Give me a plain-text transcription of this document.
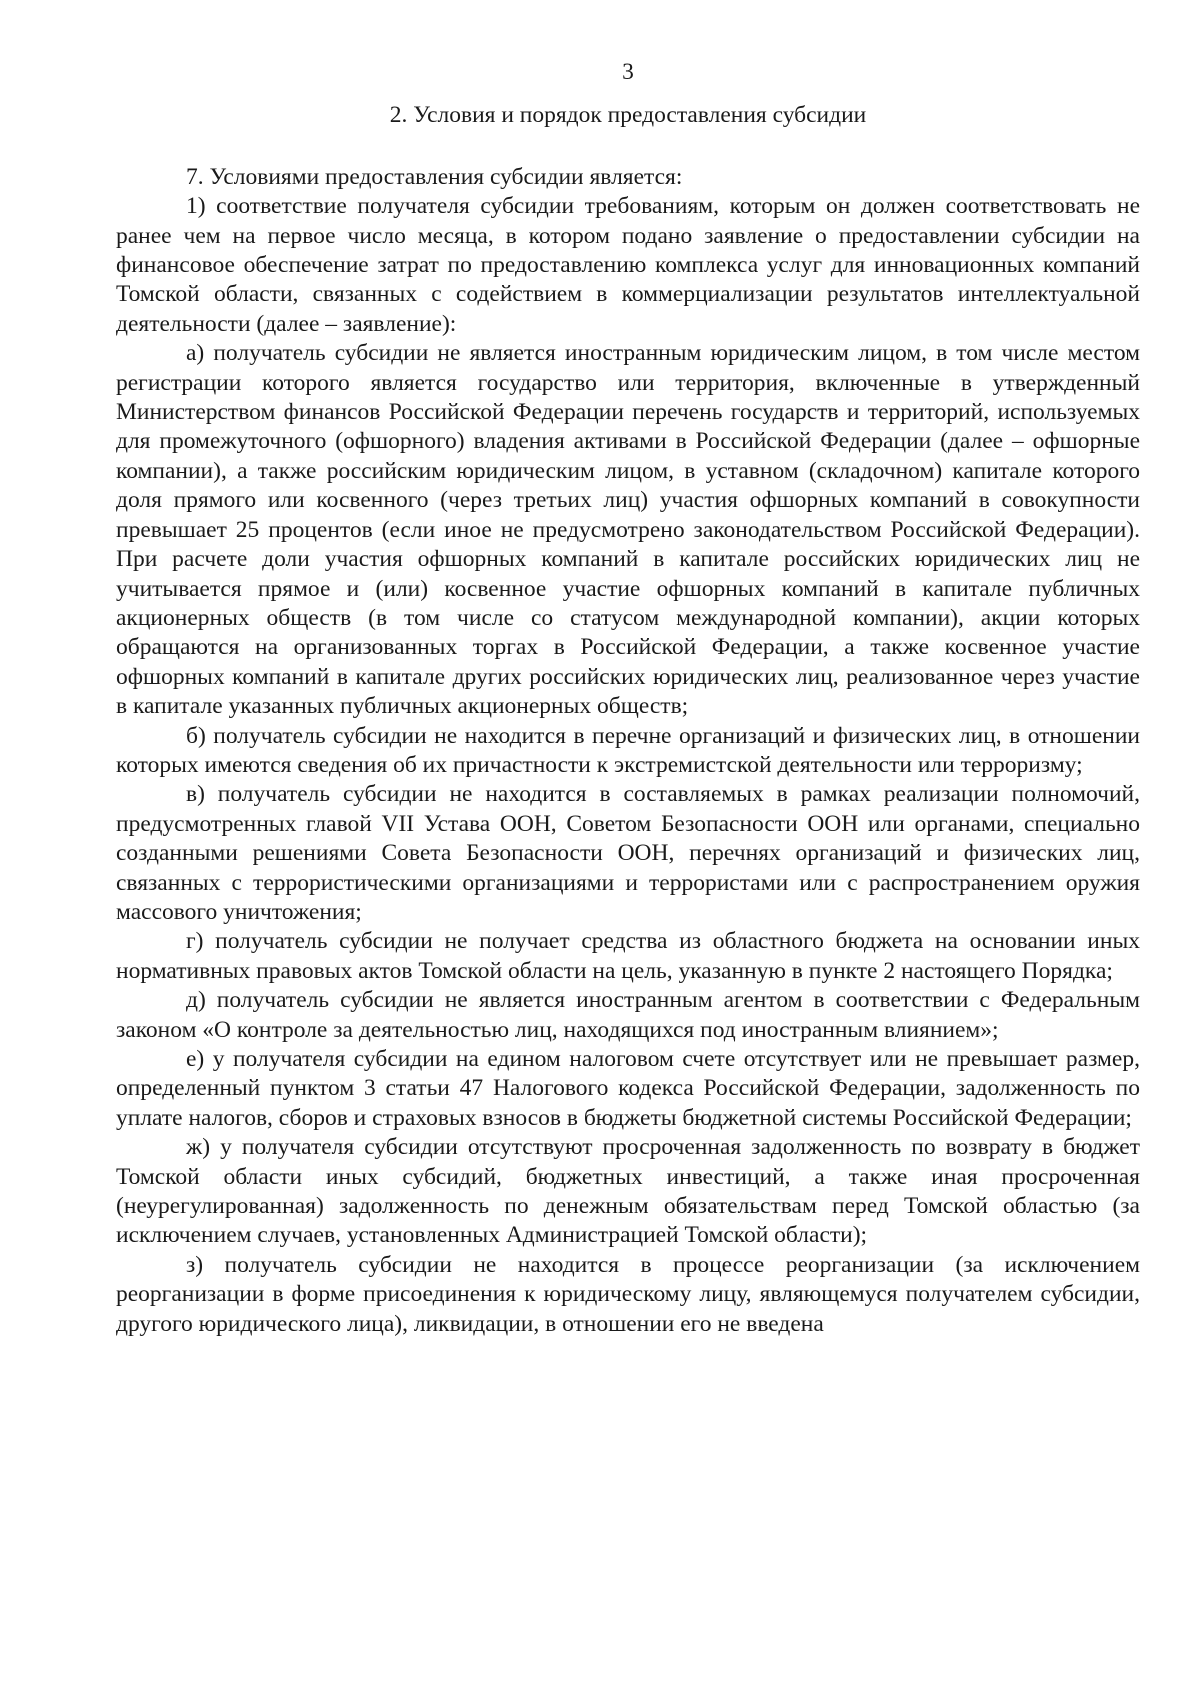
3
2. Условия и порядок предоставления субсидии

7. Условиями предоставления субсидии является:

1) соответствие получателя субсидии требованиям, которым он должен соответствовать не ранее чем на первое число месяца, в котором подано заявление о предоставлении субсидии на финансовое обеспечение затрат по предоставлению комплекса услуг для инновационных компаний Томской области, связанных с содействием в коммерциализации результатов интеллектуальной деятельности (далее – заявление):

а) получатель субсидии не является иностранным юридическим лицом, в том числе местом регистрации которого является государство или территория, включенные в утвержденный Министерством финансов Российской Федерации перечень государств и территорий, используемых для промежуточного (офшорного) владения активами в Российской Федерации (далее – офшорные компании), а также российским юридическим лицом, в уставном (складочном) капитале которого доля прямого или косвенного (через третьих лиц) участия офшорных компаний в совокупности превышает 25 процентов (если иное не предусмотрено законодательством Российской Федерации). При расчете доли участия офшорных компаний в капитале российских юридических лиц не учитывается прямое и (или) косвенное участие офшорных компаний в капитале публичных акционерных обществ (в том числе со статусом международной компании), акции которых обращаются на организованных торгах в Российской Федерации, а также косвенное участие офшорных компаний в капитале других российских юридических лиц, реализованное через участие в капитале указанных публичных акционерных обществ;

б) получатель субсидии не находится в перечне организаций и физических лиц, в отношении которых имеются сведения об их причастности к экстремистской деятельности или терроризму;

в) получатель субсидии не находится в составляемых в рамках реализации полномочий, предусмотренных главой VII Устава ООН, Советом Безопасности ООН или органами, специально созданными решениями Совета Безопасности ООН, перечнях организаций и физических лиц, связанных с террористическими организациями и террористами или с распространением оружия массового уничтожения;

г) получатель субсидии не получает средства из областного бюджета на основании иных нормативных правовых актов Томской области на цель, указанную в пункте 2 настоящего Порядка;

д) получатель субсидии не является иностранным агентом в соответствии с Федеральным законом «О контроле за деятельностью лиц, находящихся под иностранным влиянием»;

е) у получателя субсидии на едином налоговом счете отсутствует или не превышает размер, определенный пунктом 3 статьи 47 Налогового кодекса Российской Федерации, задолженность по уплате налогов, сборов и страховых взносов в бюджеты бюджетной системы Российской Федерации;

ж) у получателя субсидии отсутствуют просроченная задолженность по возврату в бюджет Томской области иных субсидий, бюджетных инвестиций, а также иная просроченная (неурегулированная) задолженность по денежным обязательствам перед Томской областью (за исключением случаев, установленных Администрацией Томской области);

з) получатель субсидии не находится в процессе реорганизации (за исключением реорганизации в форме присоединения к юридическому лицу, являющемуся получателем субсидии, другого юридического лица), ликвидации, в отношении его не введена
